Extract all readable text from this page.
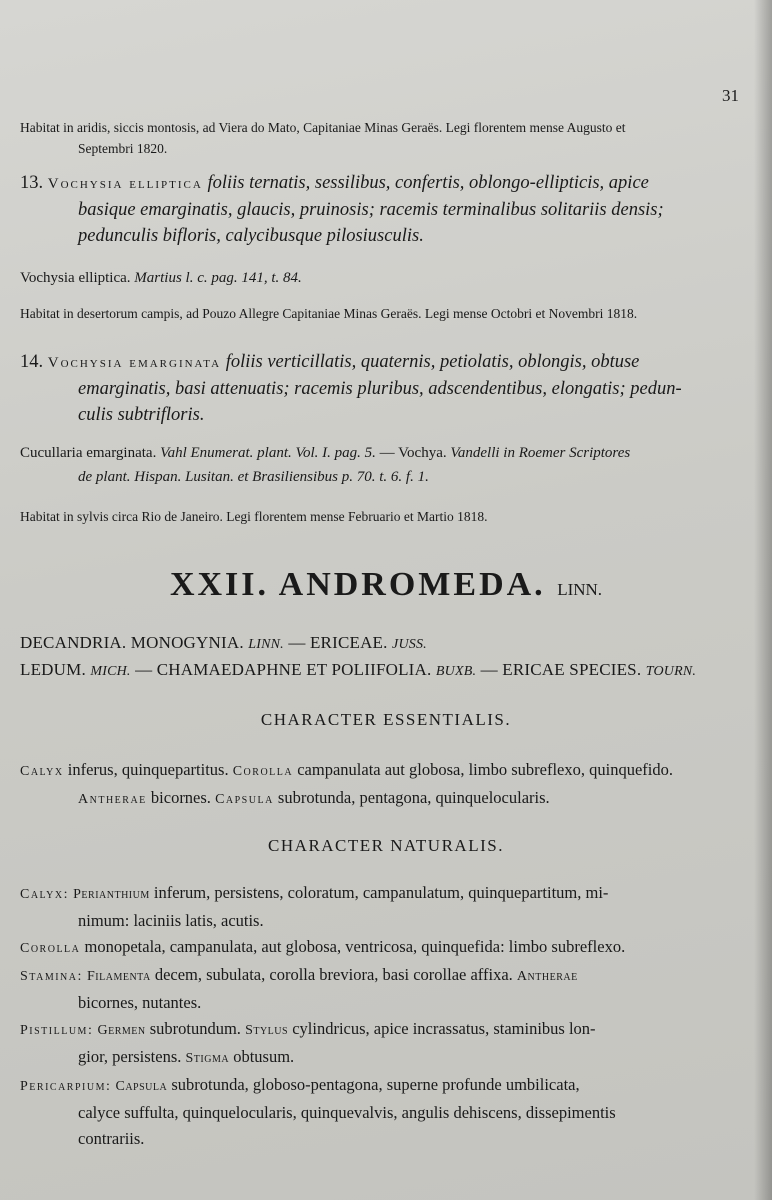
31
Habitat in aridis, siccis montosis, ad Viera do Mato, Capitaniae Minas Geraës. Legi florentem mense Augusto et
Septembri 1820.
13. Vochysia elliptica foliis ternatis, sessilibus, confertis, oblongo-ellipticis, apice
basique emarginatis, glaucis, pruinosis; racemis terminalibus solitariis densis;
pedunculis bifloris, calycibusque pilosiusculis.
Vochysia elliptica. Martius l. c. pag. 141, t. 84.
Habitat in desertorum campis, ad Pouzo Allegre Capitaniae Minas Geraës. Legi mense Octobri et Novembri 1818.
14. Vochysia emarginata foliis verticillatis, quaternis, petiolatis, oblongis, obtuse
emarginatis, basi attenuatis; racemis pluribus, adscendentibus, elongatis; pedun-
culis subtrifloris.
Cucullaria emarginata. Vahl Enumerat. plant. Vol. I. pag. 5. — Vochya. Vandelli in Roemer Scriptores
de plant. Hispan. Lusitan. et Brasiliensibus p. 70. t. 6. f. 1.
Habitat in sylvis circa Rio de Janeiro. Legi florentem mense Februario et Martio 1818.
XXII. ANDROMEDA. LINN.
DECANDRIA. MONOGYNIA. LINN. — ERICEAE. JUSS.
LEDUM. MICH. — CHAMAEDAPHNE ET POLIIFOLIA. BUXB. — ERICAE SPECIES. TOURN.
CHARACTER ESSENTIALIS.
Calyx inferus, quinquepartitus. Corolla campanulata aut globosa, limbo subreflexo, quinquefido.
Antherae bicornes. Capsula subrotunda, pentagona, quinquelocularis.
CHARACTER NATURALIS.
Calyx: Perianthium inferum, persistens, coloratum, campanulatum, quinquepartitum, mi-
nimum: laciniis latis, acutis.
Corolla monopetala, campanulata, aut globosa, ventricosa, quinquefida: limbo subreflexo.
Stamina: Filamenta decem, subulata, corolla breviora, basi corollae affixa. Antherae
bicornes, nutantes.
Pistillum: Germen subrotundum. Stylus cylindricus, apice incrassatus, staminibus lon-
gior, persistens. Stigma obtusum.
Pericarpium: Capsula subrotunda, globoso-pentagona, superne profunde umbilicata,
calyce suffulta, quinquelocularis, quinquevalvis, angulis dehiscens, dissepimentis
contrariis.
